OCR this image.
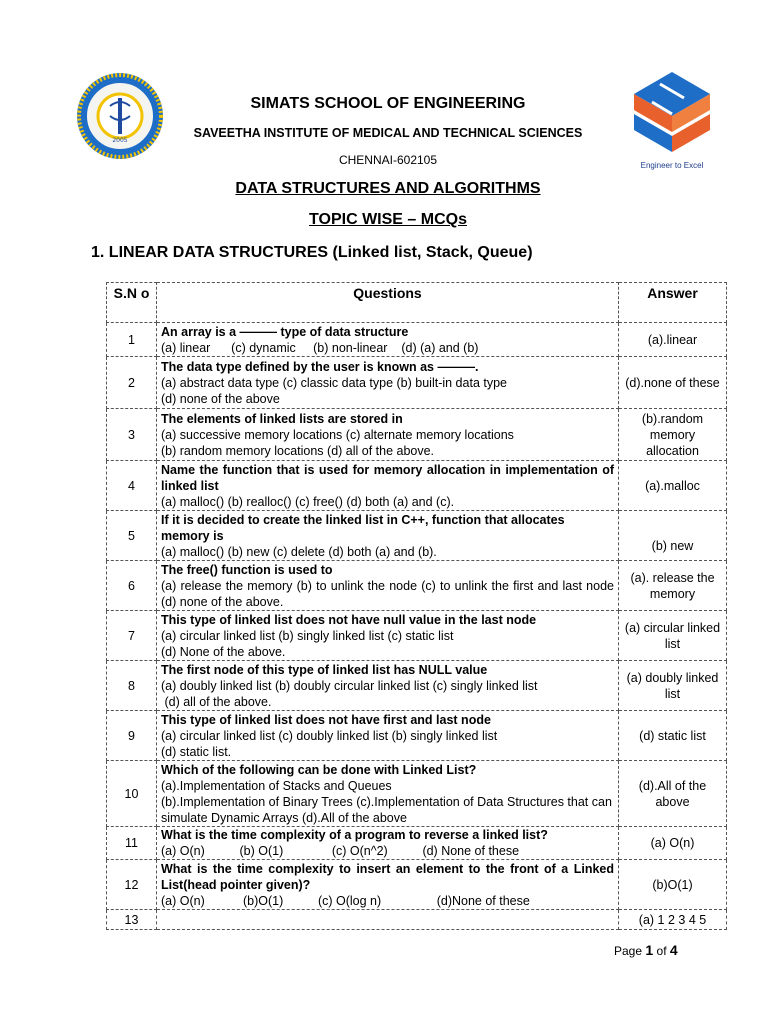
2005
Engineer to Excel
SIMATS SCHOOL OF ENGINEERING
SAVEETHA INSTITUTE OF MEDICAL AND TECHNICAL SCIENCES
CHENNAI-602105
DATA STRUCTURES AND ALGORITHMS
TOPIC WISE – MCQs
1. LINEAR DATA STRUCTURES (Linked list, Stack, Queue)
S.N o	Questions	Answer
1	An array is a ——— type of data structure
(a) linear      (c) dynamic     (b) non-linear    (d) (a) and (b)	(a).linear
2	The data type defined by the user is known as ———.
(a) abstract data type (c) classic data type (b) built-in data type
(d) none of the above	(d).none of these
3	The elements of linked lists are stored in
(a) successive memory locations (c) alternate memory locations
(b) random memory locations (d) all of the above.	(b).random memory allocation
4	Name the function that is used for memory allocation in implementation of linked list
(a) malloc() (b) realloc() (c) free() (d) both (a) and (c).	(a).malloc
5	If it is decided to create the linked list in C++, function that allocates memory is
(a) malloc() (b) new (c) delete (d) both (a) and (b).	(b) new
6	The free() function is used to

(a) release the memory (b) to unlink the node (c) to unlink the first and last node (d) none of the above.	(a). release the memory
7	This type of linked list does not have null value in the last node
(a) circular linked list (b) singly linked list (c) static list
(d) None of the above.	(a) circular linked list
8	The first node of this type of linked list has NULL value
(a) doubly linked list (b) doubly circular linked list (c) singly linked list
(d) all of the above.	(a) doubly linked list
9	This type of linked list does not have first and last node
(a) circular linked list (c) doubly linked list (b) singly linked list
(d) static list.	(d) static list
10	Which of the following can be done with Linked List?
(a).Implementation of Stacks and Queues
(b).Implementation of Binary Trees (c).Implementation of Data Structures that can simulate Dynamic Arrays (d).All of the above	(d).All of the above
11	What is the time complexity of a program to reverse a linked list?
(a) O(n)          (b) O(1)              (c) O(n^2)          (d) None of these	(a) O(n)
12	What is the time complexity to insert an element to the front of a Linked List(head pointer given)?
(a) O(n)           (b)O(1)          (c) O(log n)                (d)None of these	(b)O(1)
13		(a) 1 2 3 4 5
Page 1 of 4
